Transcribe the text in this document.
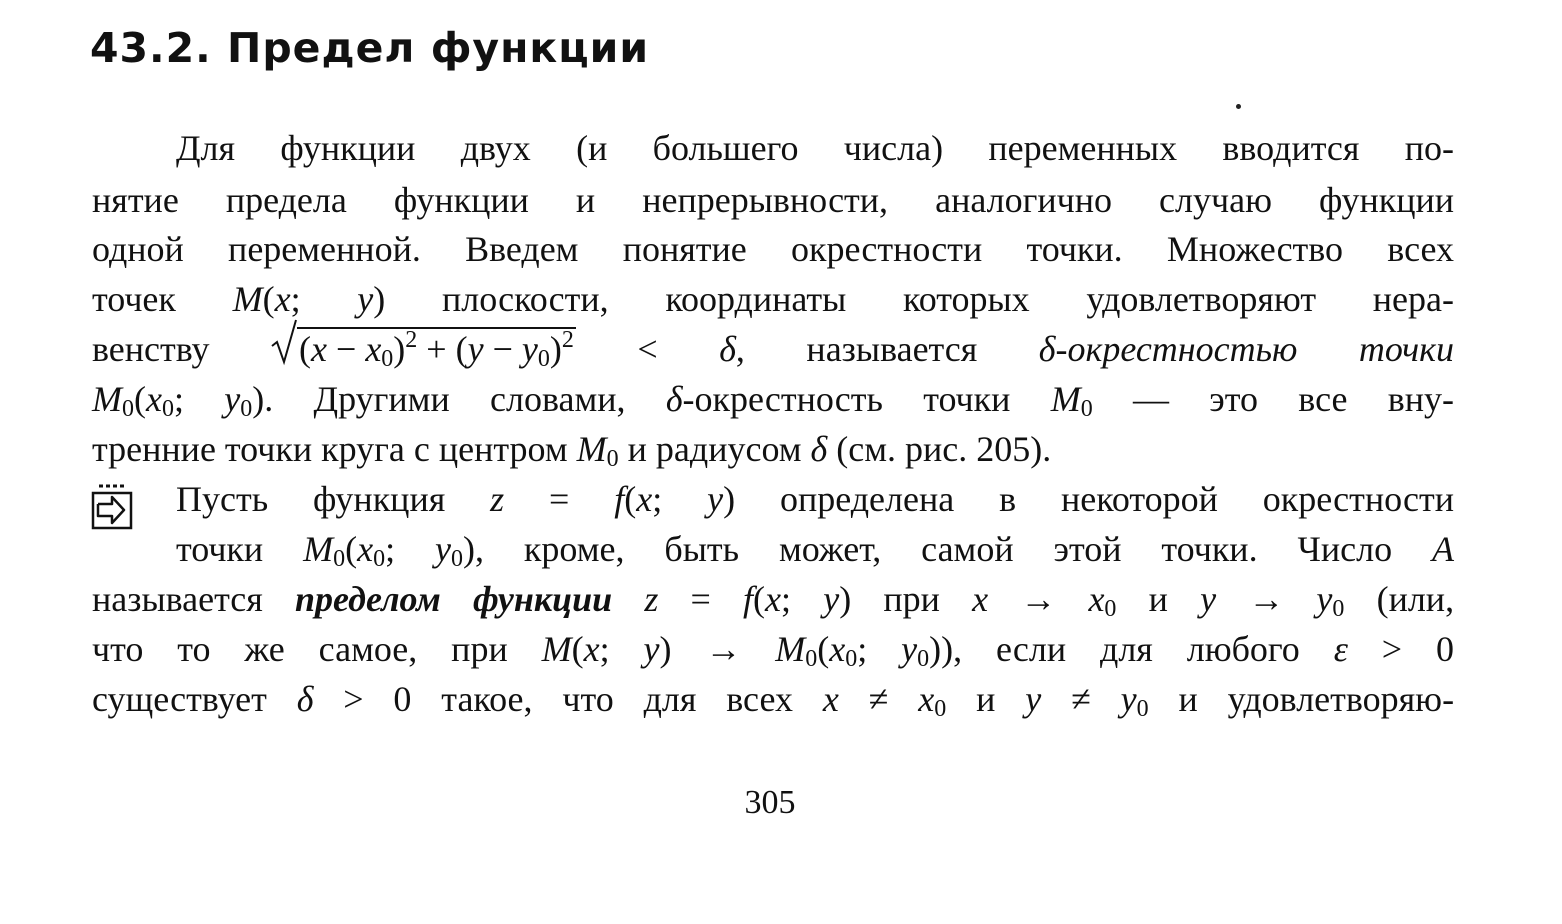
43.2. Предел функции
Для функции двух (и большего числа) переменных вводится по-
нятие предела функции и непрерывности, аналогично случаю функции
одной переменной. Введем понятие окрестности точки. Множество всех
точек M(x; y) плоскости, координаты которых удовлетворяют нера-
венству $(x - x_0)^2 + (y - y_0)^2 < \delta$, называется δ-окрестностью точки
$M_0(x_0$; $y_0$). Другими словами, δ-окрестность точки $M_0$ — это все вну-
тренние точки круга с центром $M_0$ и радиусом δ (см. рис. 205).
Пусть функция z = f(x; y) определена в некоторой окрестности
точки $M_0(x_0$; $y_0$), кроме, быть может, самой этой точки. Число A
называется пределом функции z = f(x; y) при $x \to x_0$ и $y \to y_0$ (или,
что то же самое, при M(x; $y) \to M_0(x_0$; $y_0$)), если для любого ε > 0
существует δ > 0 такое, что для всех $x \ne x_0$ и $y \ne y_0$ и удовлетворяю-
305
